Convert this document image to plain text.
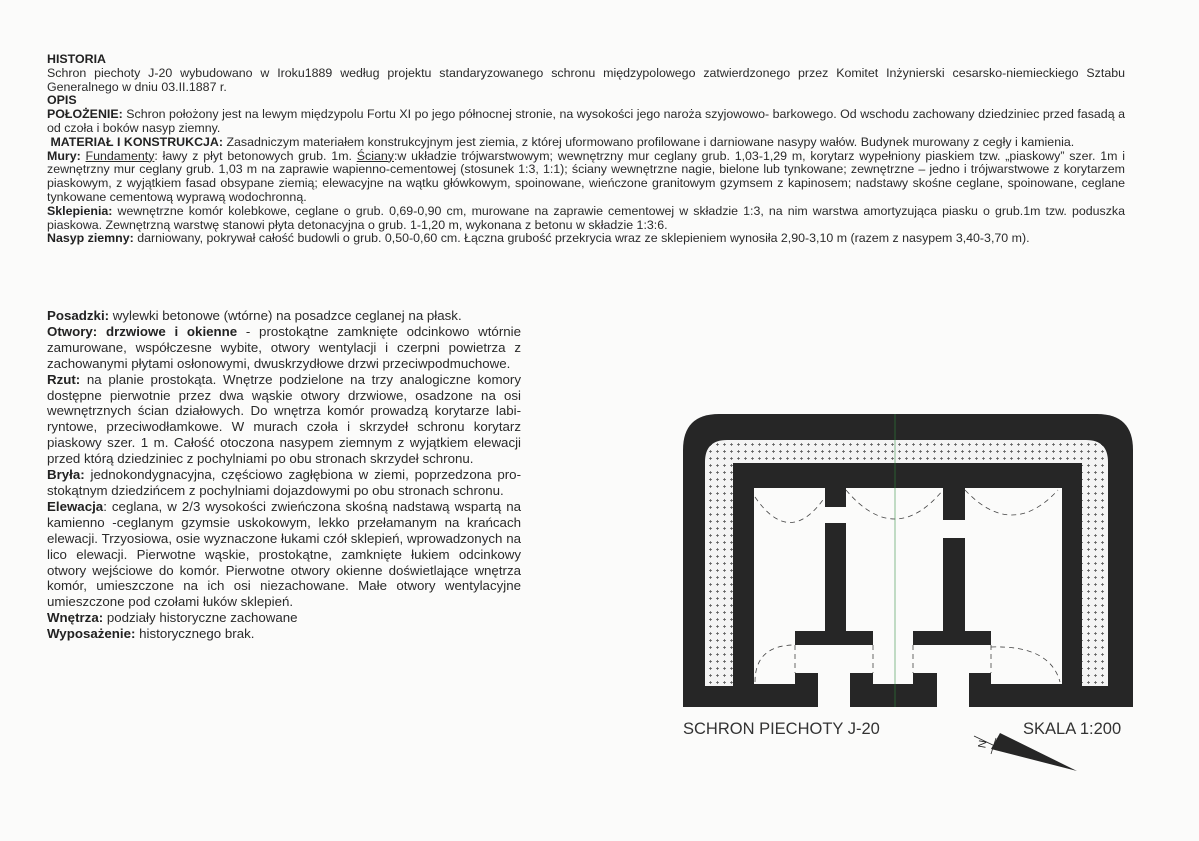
HISTORIA

Schron piechoty J-20 wybudowano w Iroku1889 według projektu standaryzowanego schronu międzypolowego zatwierdzonego przez Komitet Inżynierski cesarsko-niemieckiego Sztabu Generalnego w dniu 03.II.1887 r.

OPIS

POŁOŻENIE: Schron położony jest na lewym międzypolu Fortu XI po jego północnej stronie, na wysokości jego naroża szyjowowo- barkowego. Od wschodu zachowany dziedziniec przed fasadą a od czoła i boków nasyp ziemny.

MATERIAŁ I KONSTRUKCJA: Zasadniczym materiałem konstrukcyjnym jest ziemia, z której uformowano profilowane i darniowane nasypy wałów. Budynek murowany z cegły i kamienia.

Mury: Fundamenty: ławy z płyt betonowych grub. 1m. Ściany:w układzie trójwarstwowym; wewnętrzny mur ceglany grub. 1,03-1,29 m, korytarz wypełniony piaskiem tzw. „piaskowy” szer. 1m i zewnętrzny mur ceglany grub. 1,03 m na zaprawie wapienno-cementowej (stosunek 1:3, 1:1); ściany wewnętrzne nagie, bielone lub tynkowane; zewnętrzne – jedno i trójwarstwowe z korytarzem piaskowym, z wyjątkiem fasad obsypane ziemią; elewacyjne na wątku główkowym, spoinowane, wieńczone granitowym gzymsem z kapinosem; nadstawy skośne ceglane, spoinowane, ceglane tynkowane cementową wyprawą wodochronną.

Sklepienia: wewnętrzne komór kolebkowe, ceglane o grub. 0,69-0,90 cm, murowane na zaprawie cementowej w składzie 1:3, na nim warstwa amortyzująca piasku o grub.1m tzw. poduszka piaskowa. Zewnętrzną warstwę stanowi płyta detonacyjna o grub. 1-1,20 m, wykonana z betonu w składzie 1:3:6.

Nasyp ziemny: darniowany, pokrywał całość budowli o grub. 0,50-0,60 cm. Łączna grubość przekrycia wraz ze sklepieniem wynosiła 2,90-3,10 m (razem z nasypem 3,40-3,70 m).

Posadzki: wylewki betonowe (wtórne) na posadzce ceglanej na płask.

Otwory: drzwiowe i okienne - prostokątne zamknięte odcinkowo wtórnie zamurowane, współczesne wybite, otwory wentylacji i czerpni powietrza z zachowanymi płytami osłonowymi, dwuskrzydłowe drzwi przeciwpodmuchowe.

Rzut: na planie prostokąta. Wnętrze podzielone na trzy analogiczne komory dostępne pierwotnie przez dwa wąskie otwory drzwiowe, osadzone na osi wewnętrznych ścian działowych. Do wnętrza komór prowadzą korytarze labiryntowe, przeciwodłamkowe. W murach czoła i skrzydeł schronu korytarz piaskowy szer. 1 m. Całość otoczona nasypem ziemnym z wyjątkiem elewacji przed którą dziedziniec z pochylniami po obu stronach skrzydeł schronu.

Bryła: jednokondygnacyjna, częściowo zagłębiona w ziemi, poprzedzona prostokątnym dziedzińcem z pochylniami dojazdowymi po obu stronach schronu.

Elewacja: ceglana, w 2/3 wysokości zwieńczona skośną nadstawą wspartą na kamienno -ceglanym gzymsie uskokowym, lekko przełamanym na krańcach elewacji. Trzyosiowa, osie wyznaczone łukami czół sklepień, wprowadzonych na lico elewacji. Pierwotne wąskie, prostokątne, zamknięte łukiem odcinkowy otwory wejściowe do komór. Pierwotne otwory okienne doświetlające wnętrza komór, umieszczone na ich osi niezachowane. Małe otwory wentylacyjne umieszczone pod czołami łuków sklepień.

Wnętrza: podziały historyczne zachowane

Wyposażenie: historycznego brak.

N
SCHRON PIECHOTY J-20	SKALA 1:200
